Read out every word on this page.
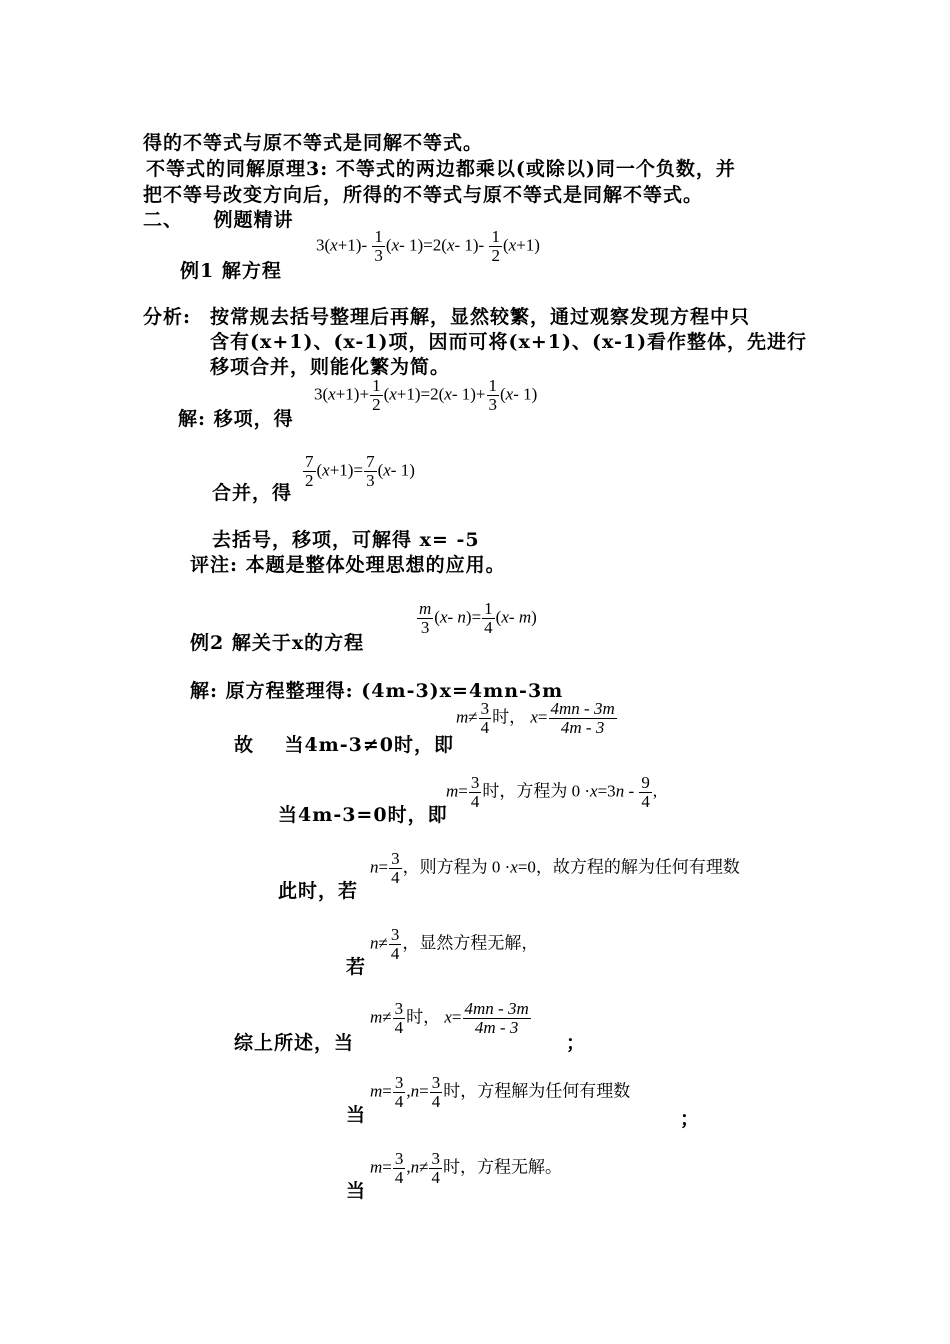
得的不等式与原不等式是同解不等式。
不等式的同解原理3: 不等式的两边都乘以(或除以)同一个负数，并
把不等号改变方向后，所得的不等式与原不等式是同解不等式。
二、    例题精讲
例1 解方程
$3(x+1)- \frac{1}{3} (x-$ 1)=2(x- $1)- \frac{1}{2} (x+1)$
分析: 按常规去括号整理后再解，显然较繁，通过观察发现方程中只
含有(x+1)、(x-1)项，因而可将(x+1)、(x-1)看作整体，先进行
移项合并，则能化繁为简。
解: 移项，得
$3(x+1)+ \frac{1}{2} (x+1)=2(x-$ $1)+ \frac{1}{3} (x-$ 1)
合并，得
$\frac{7}{2} (x+1)= \frac{7}{3} (x-$ 1)
去括号，移项，可解得 x= -5
评注: 本题是整体处理思想的应用。
例2 解关于x的方程
$\frac{m}{3} (x-$ $n)= \frac{1}{4} (x-$ m)
解: 原方程整理得: (4m-3)x=4mn-3m
故    当4m-3≠0时，即
$m\ne \frac{3}{4}$ 时， $x= \frac{4mn - 3m}{4m - 3}$
当4m-3=0时，即
$m= \frac{3}{4}$ 时，方程为 $0 \cdot x=3n - \frac{9}{4}$ ,
此时，若
$n= \frac{3}{4}$ ，则方程为 0 ·x=0，故方程的解为任何有理数
若
$n\ne \frac{3}{4}$ ，显然方程无解，
综上所述，当
$m\ne \frac{3}{4}$ 时， $x= \frac{4mn - 3m}{4m - 3}$
；
当
$m= \frac{3}{4} ,n= \frac{3}{4}$ 时，方程解为任何有理数
；
当
$m= \frac{3}{4} ,n\ne \frac{3}{4}$ 时，方程无解。
